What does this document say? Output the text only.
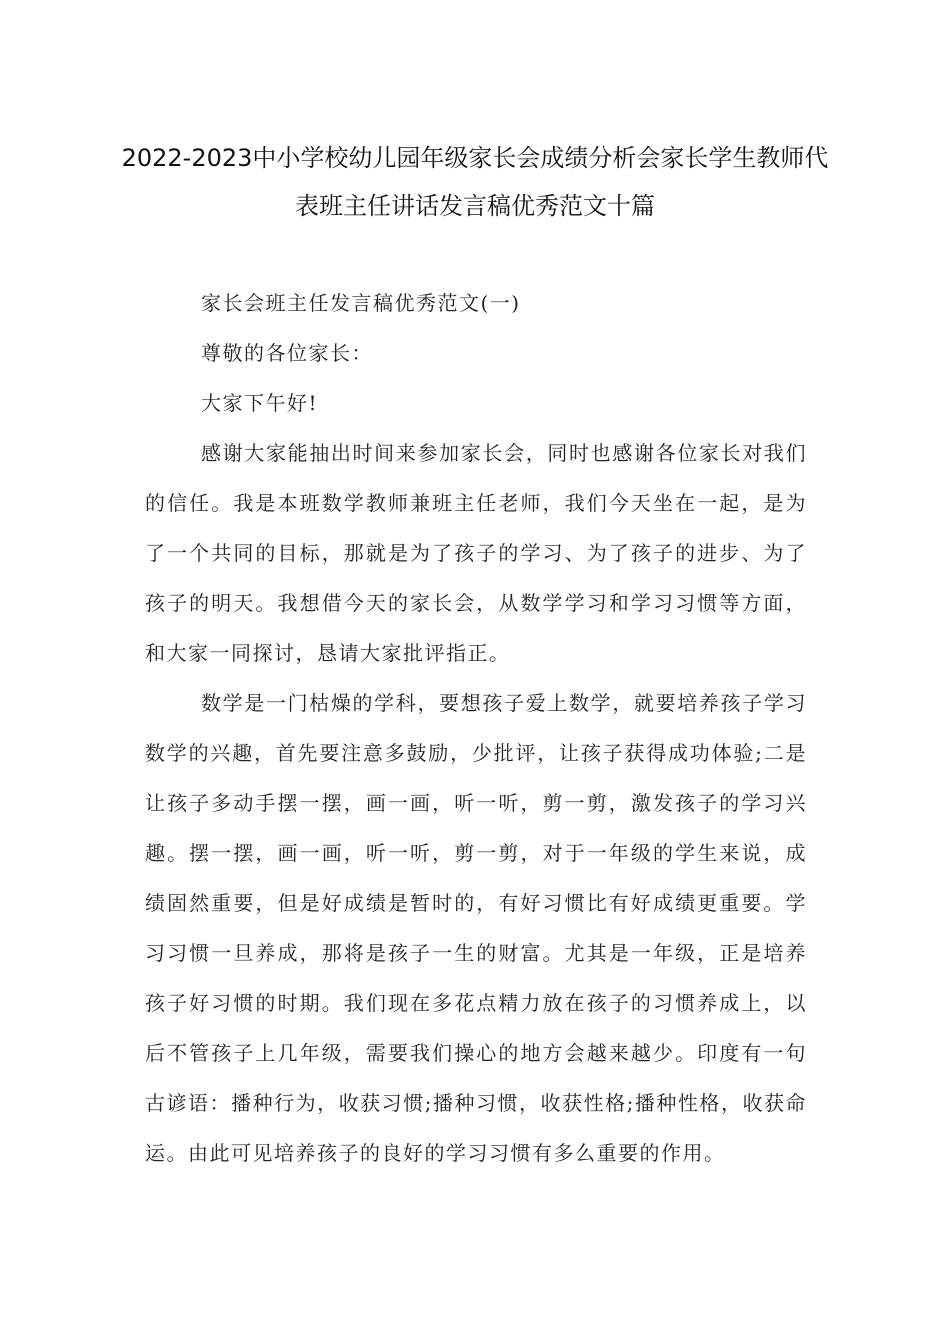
2022-2023中小学校幼儿园年级家长会成绩分析会家长学生教师代
表班主任讲话发言稿优秀范文十篇

家长会班主任发言稿优秀范文(一)

尊敬的各位家长：

大家下午好!

感谢大家能抽出时间来参加家长会，同时也感谢各位家长对我们的信任。我是本班数学教师兼班主任老师，我们今天坐在一起，是为了一个共同的目标，那就是为了孩子的学习、为了孩子的进步、为了孩子的明天。我想借今天的家长会，从数学学习和学习习惯等方面，和大家一同探讨，恳请大家批评指正。

数学是一门枯燥的学科，要想孩子爱上数学，就要培养孩子学习数学的兴趣，首先要注意多鼓励，少批评，让孩子获得成功体验;二是让孩子多动手摆一摆，画一画，听一听，剪一剪，激发孩子的学习兴趣。摆一摆，画一画，听一听，剪一剪，对于一年级的学生来说，成绩固然重要，但是好成绩是暂时的，有好习惯比有好成绩更重要。学习习惯一旦养成，那将是孩子一生的财富。尤其是一年级，正是培养孩子好习惯的时期。我们现在多花点精力放在孩子的习惯养成上，以后不管孩子上几年级，需要我们操心的地方会越来越少。印度有一句古谚语：播种行为，收获习惯;播种习惯，收获性格;播种性格，收获命运。由此可见培养孩子的良好的学习习惯有多么重要的作用。
